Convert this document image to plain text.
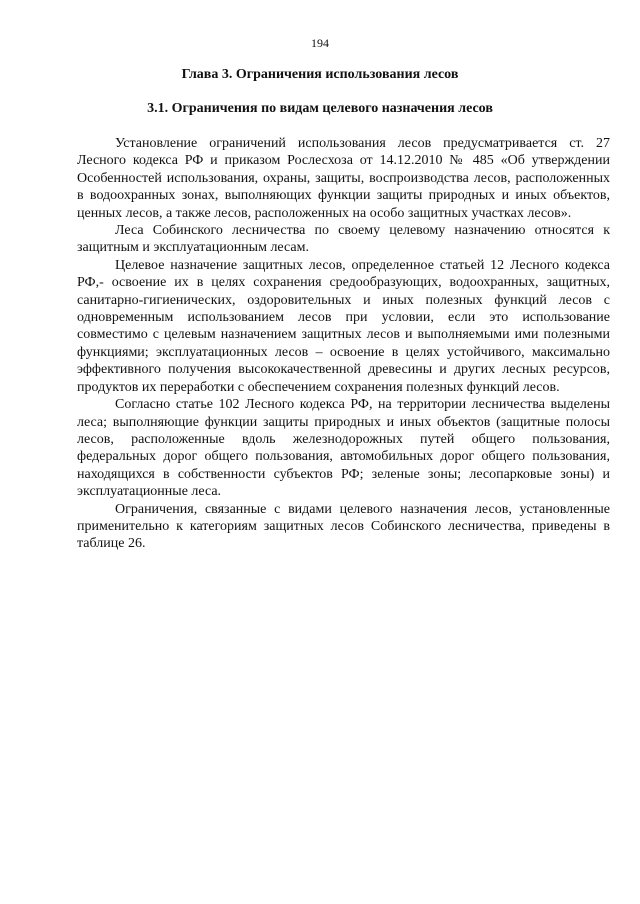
194
Глава 3. Ограничения использования лесов
3.1. Ограничения по видам целевого назначения лесов

Установление ограничений использования лесов предусматривается ст. 27 Лесного кодекса РФ и приказом Рослесхоза от 14.12.2010 № 485 «Об утверждении Особенностей использования, охраны, защиты, воспроизводства лесов, расположенных в водоохранных зонах, выполняющих функции защиты природных и иных объектов, ценных лесов, а также лесов, расположенных на особо защитных участках лесов».

Леса Собинского лесничества по своему целевому назначению относятся к защитным и эксплуатационным лесам.

Целевое назначение защитных лесов, определенное статьей 12 Лесного кодекса РФ,- освоение их в целях сохранения средообразующих, водоохранных, защитных, санитарно-гигиенических, оздоровительных и иных полезных функций лесов с одновременным использованием лесов при условии, если это использование совместимо с целевым назначением защитных лесов и выполняемыми ими полезными функциями; эксплуатационных лесов – освоение в целях устойчивого, максимально эффективного получения высококачественной древесины и других лесных ресурсов, продуктов их переработки с обеспечением сохранения полезных функций лесов.

Согласно статье 102 Лесного кодекса РФ, на территории лесничества выделены леса; выполняющие функции защиты природных и иных объектов (защитные полосы лесов, расположенные вдоль железнодорожных путей общего пользования, федеральных дорог общего пользования, автомобильных дорог общего пользования, находящихся в собственности субъектов РФ; зеленые зоны; лесопарковые зоны) и эксплуатационные леса.

Ограничения, связанные с видами целевого назначения лесов, установленные применительно к категориям защитных лесов Собинского лесничества, приведены в таблице 26.
